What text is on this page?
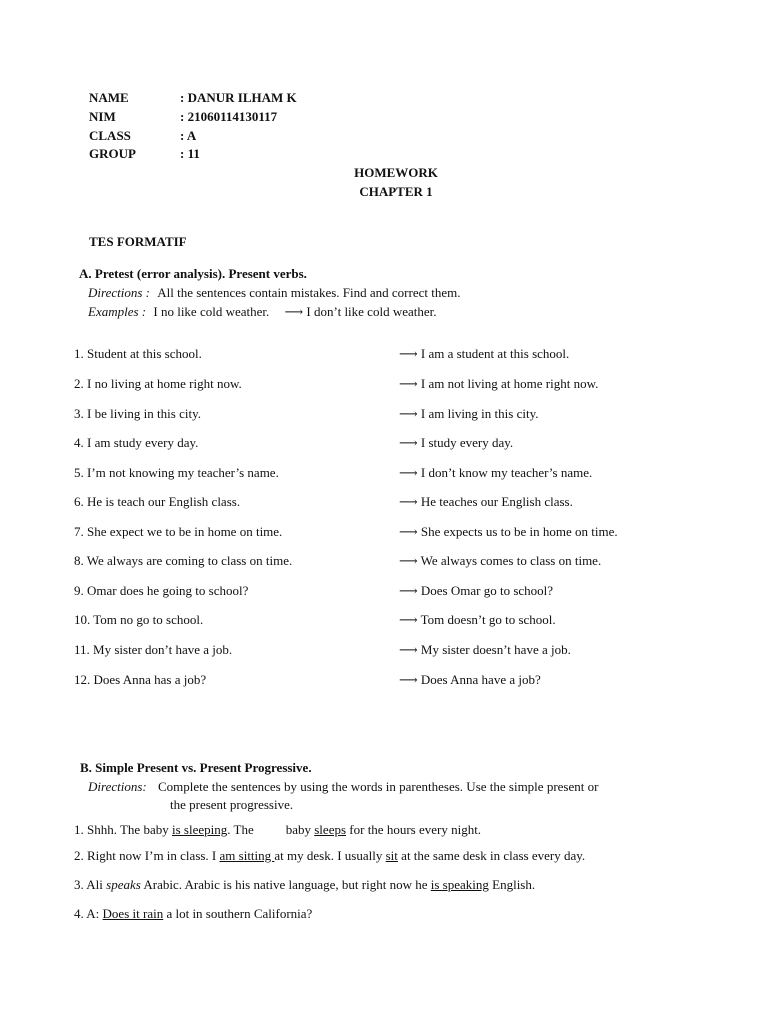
NAME	: DANUR ILHAM K
NIM	: 21060114130117
CLASS	: A
GROUP	: 11
HOMEWORK
CHAPTER 1
TES FORMATIF
A. Pretest (error analysis). Present verbs.
Directions : All the sentences contain mistakes. Find and correct them.
Examples : I no like cold weather. ⟶ I don’t like cold weather.
1. Student at this school.	⟶ I am a student at this school.
2. I no living at home right now.	⟶ I am not living at home right now.
3. I be living in this city.	⟶ I am living in this city.
4. I am study every day.	⟶ I study every day.
5. I’m not knowing my teacher’s name.	⟶ I don’t know my teacher’s name.
6. He is teach our English class.	⟶ He teaches our English class.
7. She expect we to be in home on time.	⟶ She expects us to be in home on time.
8. We always are coming to class on time.	⟶ We always comes to class on time.
9. Omar does he going to school?	⟶ Does Omar go to school?
10. Tom no go to school.	⟶ Tom doesn’t go to school.
11. My sister don’t have a job.	⟶ My sister doesn’t have a job.
12. Does Anna has a job?	⟶ Does Anna have a job?
B. Simple Present vs. Present Progressive.
Directions: Complete the sentences by using the words in parentheses. Use the simple present or
the present progressive.
1. Shhh. The baby is sleeping. The baby sleeps for the hours every night.
2. Right now I’m in class. I am sitting at my desk. I usually sit at the same desk in class every day.
3. Ali speaks Arabic. Arabic is his native language, but right now he is speaking English.
4. A: Does it rain a lot in southern California?
